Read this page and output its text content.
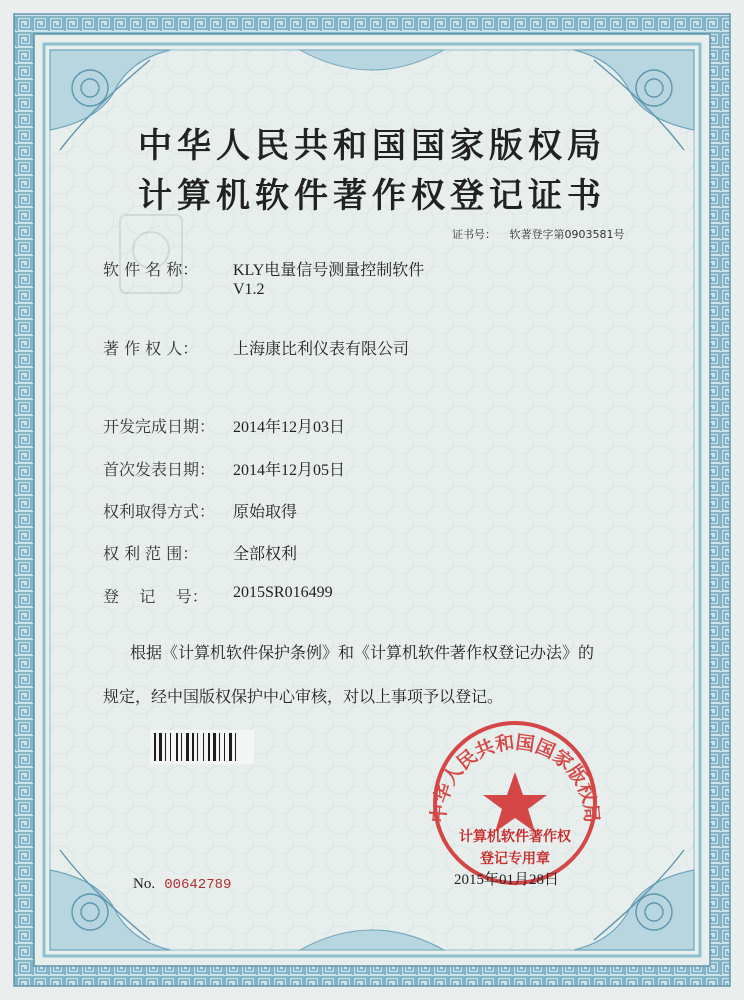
中华人民共和国国家版权局
中华人民共和国国家版权局
计算机软件著作权登记证书
证书号： 软著登字第0903581号
软 件 名 称： KLY电量信号测量控制软件
V1.2
著 作 权 人： 上海康比利仪表有限公司
开发完成日期： 2014年12月03日
首次发表日期： 2014年12月05日
权利取得方式： 原始取得
权 利 范 围： 全部权利
登    记    号： 2015SR016499
根据《计算机软件保护条例》和《计算机软件著作权登记办法》的
规定，经中国版权保护中心审核，对以上事项予以登记。
计算机软件著作权
登记专用章
No. 00642789	2015年01月28日
